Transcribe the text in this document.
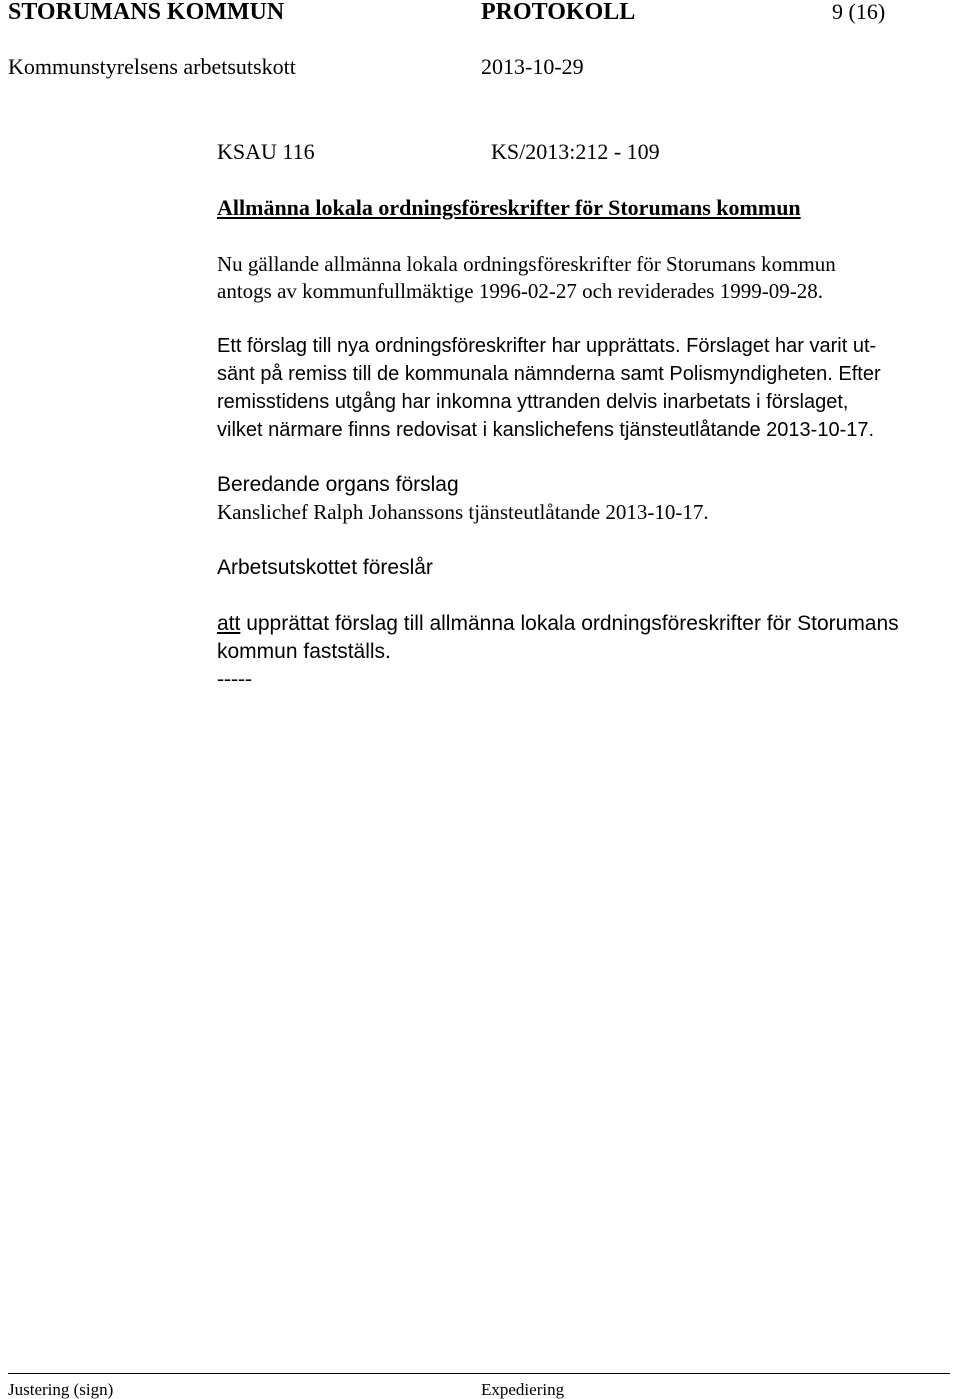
STORUMANS KOMMUN	PROTOKOLL	9 (16)
Kommunstyrelsens arbetsutskott	2013-10-29
KSAU 116	KS/2013:212 - 109
Allmänna lokala ordningsföreskrifter för Storumans kommun
Nu gällande allmänna lokala ordningsföreskrifter för Storumans kommun
antogs av kommunfullmäktige 1996-02-27 och reviderades 1999-09-28.
Ett förslag till nya ordningsföreskrifter har upprättats. Förslaget har varit ut-
sänt på remiss till de kommunala nämnderna samt Polismyndigheten. Efter
remisstidens utgång har inkomna yttranden delvis inarbetats i förslaget,
vilket närmare finns redovisat i kanslichefens tjänsteutlåtande 2013-10-17.
Beredande organs förslag
Kanslichef Ralph Johanssons tjänsteutlåtande 2013-10-17.
Arbetsutskottet föreslår
att upprättat förslag till allmänna lokala ordningsföreskrifter för Storumans
kommun fastställs.
-----
Justering (sign)	Expediering
